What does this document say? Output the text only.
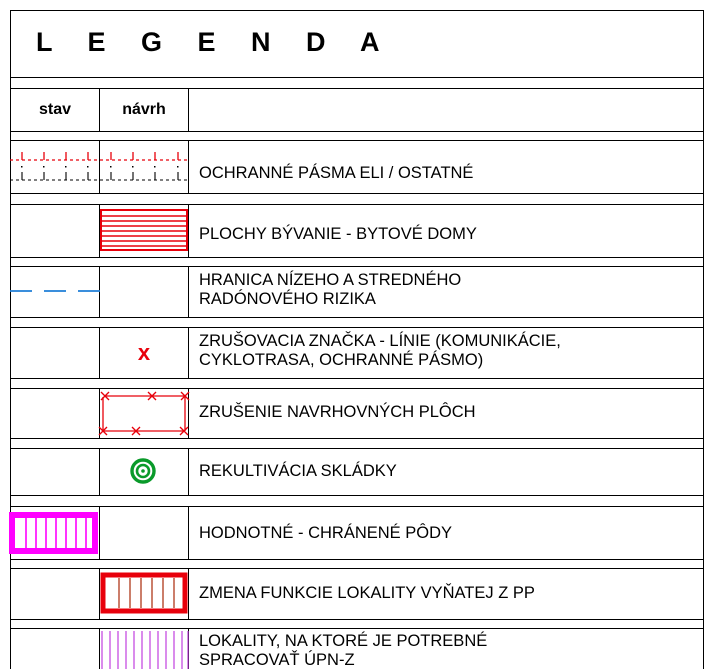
L E G E N D A
stav	návrh
OCHRANNÉ PÁSMA ELI / OSTATNÉ
PLOCHY BÝVANIE - BYTOVÉ DOMY
HRANICA NÍZEHO A STREDNÉHO
RADÓNOVÉHO RIZIKA
x	ZRUŠOVACIA ZNAČKA - LÍNIE (KOMUNIKÁCIE,
CYKLOTRASA, OCHRANNÉ PÁSMO)
ZRUŠENIE NAVRHOVNÝCH PLÔCH
REKULTIVÁCIA SKLÁDKY
HODNOTNÉ - CHRÁNENÉ PÔDY
ZMENA FUNKCIE LOKALITY VYŇATEJ Z PP
LOKALITY, NA KTORÉ JE POTREBNÉ
SPRACOVAŤ ÚPN-Z
